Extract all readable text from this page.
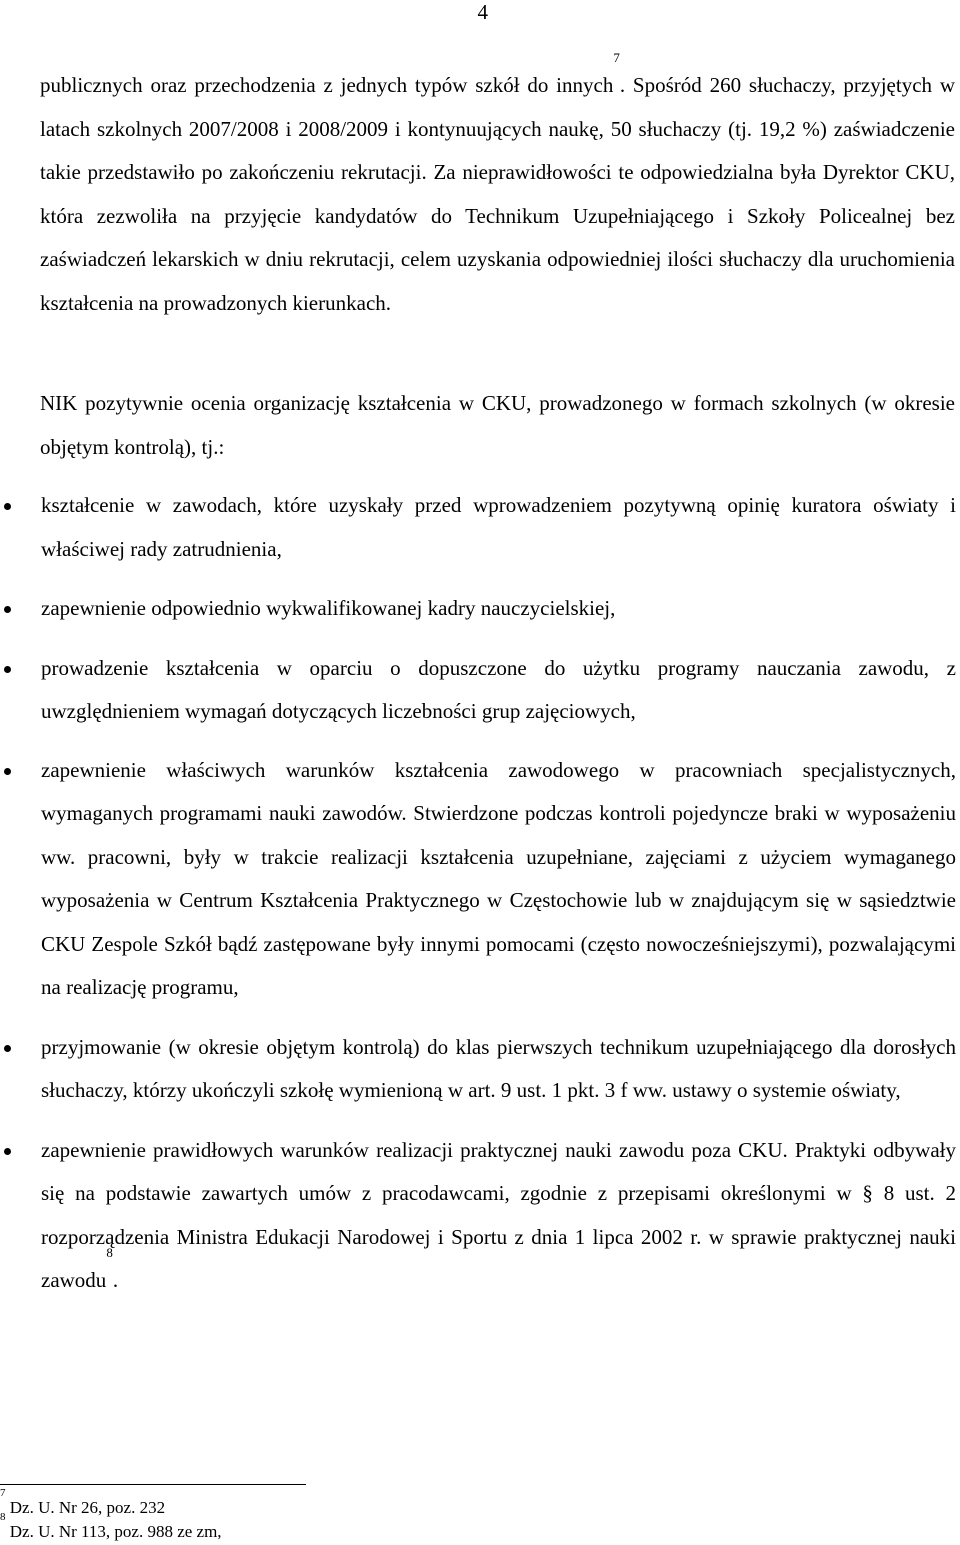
4
publicznych oraz przechodzenia z jednych typów szkół do innych$^7$. Spośród 260 słuchaczy, przyjętych w latach szkolnych 2007/2008 i 2008/2009 i kontynuujących naukę, 50 słuchaczy (tj. 19,2 %) zaświadczenie takie przedstawiło po zakończeniu rekrutacji. Za nieprawidłowości te odpowiedzialna była Dyrektor CKU, która zezwoliła na przyjęcie kandydatów do Technikum Uzupełniającego i Szkoły Policealnej bez zaświadczeń lekarskich w dniu rekrutacji, celem uzyskania odpowiedniej ilości słuchaczy dla uruchomienia kształcenia na prowadzonych kierunkach.
NIK pozytywnie ocenia organizację kształcenia w CKU, prowadzonego w formach szkolnych (w okresie objętym kontrolą), tj.:
kształcenie w zawodach, które uzyskały przed wprowadzeniem pozytywną opinię kuratora oświaty i właściwej rady zatrudnienia,
zapewnienie odpowiednio wykwalifikowanej kadry nauczycielskiej,
prowadzenie kształcenia w oparciu o dopuszczone do użytku programy nauczania zawodu, z uwzględnieniem wymagań dotyczących liczebności grup zajęciowych,
zapewnienie właściwych warunków kształcenia zawodowego w pracowniach specjalistycznych, wymaganych programami nauki zawodów. Stwierdzone podczas kontroli pojedyncze braki w wyposażeniu ww. pracowni, były w trakcie realizacji kształcenia uzupełniane, zajęciami z użyciem wymaganego wyposażenia w Centrum Kształcenia Praktycznego w Częstochowie lub w znajdującym się w sąsiedztwie CKU Zespole Szkół bądź zastępowane były innymi pomocami (często nowocześniejszymi), pozwalającymi na realizację programu,
przyjmowanie (w okresie objętym kontrolą) do klas pierwszych technikum uzupełniającego dla dorosłych słuchaczy, którzy ukończyli szkołę wymienioną w art. 9 ust. 1 pkt. 3 f ww. ustawy o systemie oświaty,
zapewnienie prawidłowych warunków realizacji praktycznej nauki zawodu poza CKU. Praktyki odbywały się na podstawie zawartych umów z pracodawcami, zgodnie z przepisami określonymi w § 8 ust. 2 rozporządzenia Ministra Edukacji Narodowej i Sportu z dnia 1 lipca 2002 r. w sprawie praktycznej nauki zawodu$^8$.
$^7$ Dz. U. Nr 26, poz. 232
$^8$ Dz. U. Nr 113, poz. 988 ze zm,
